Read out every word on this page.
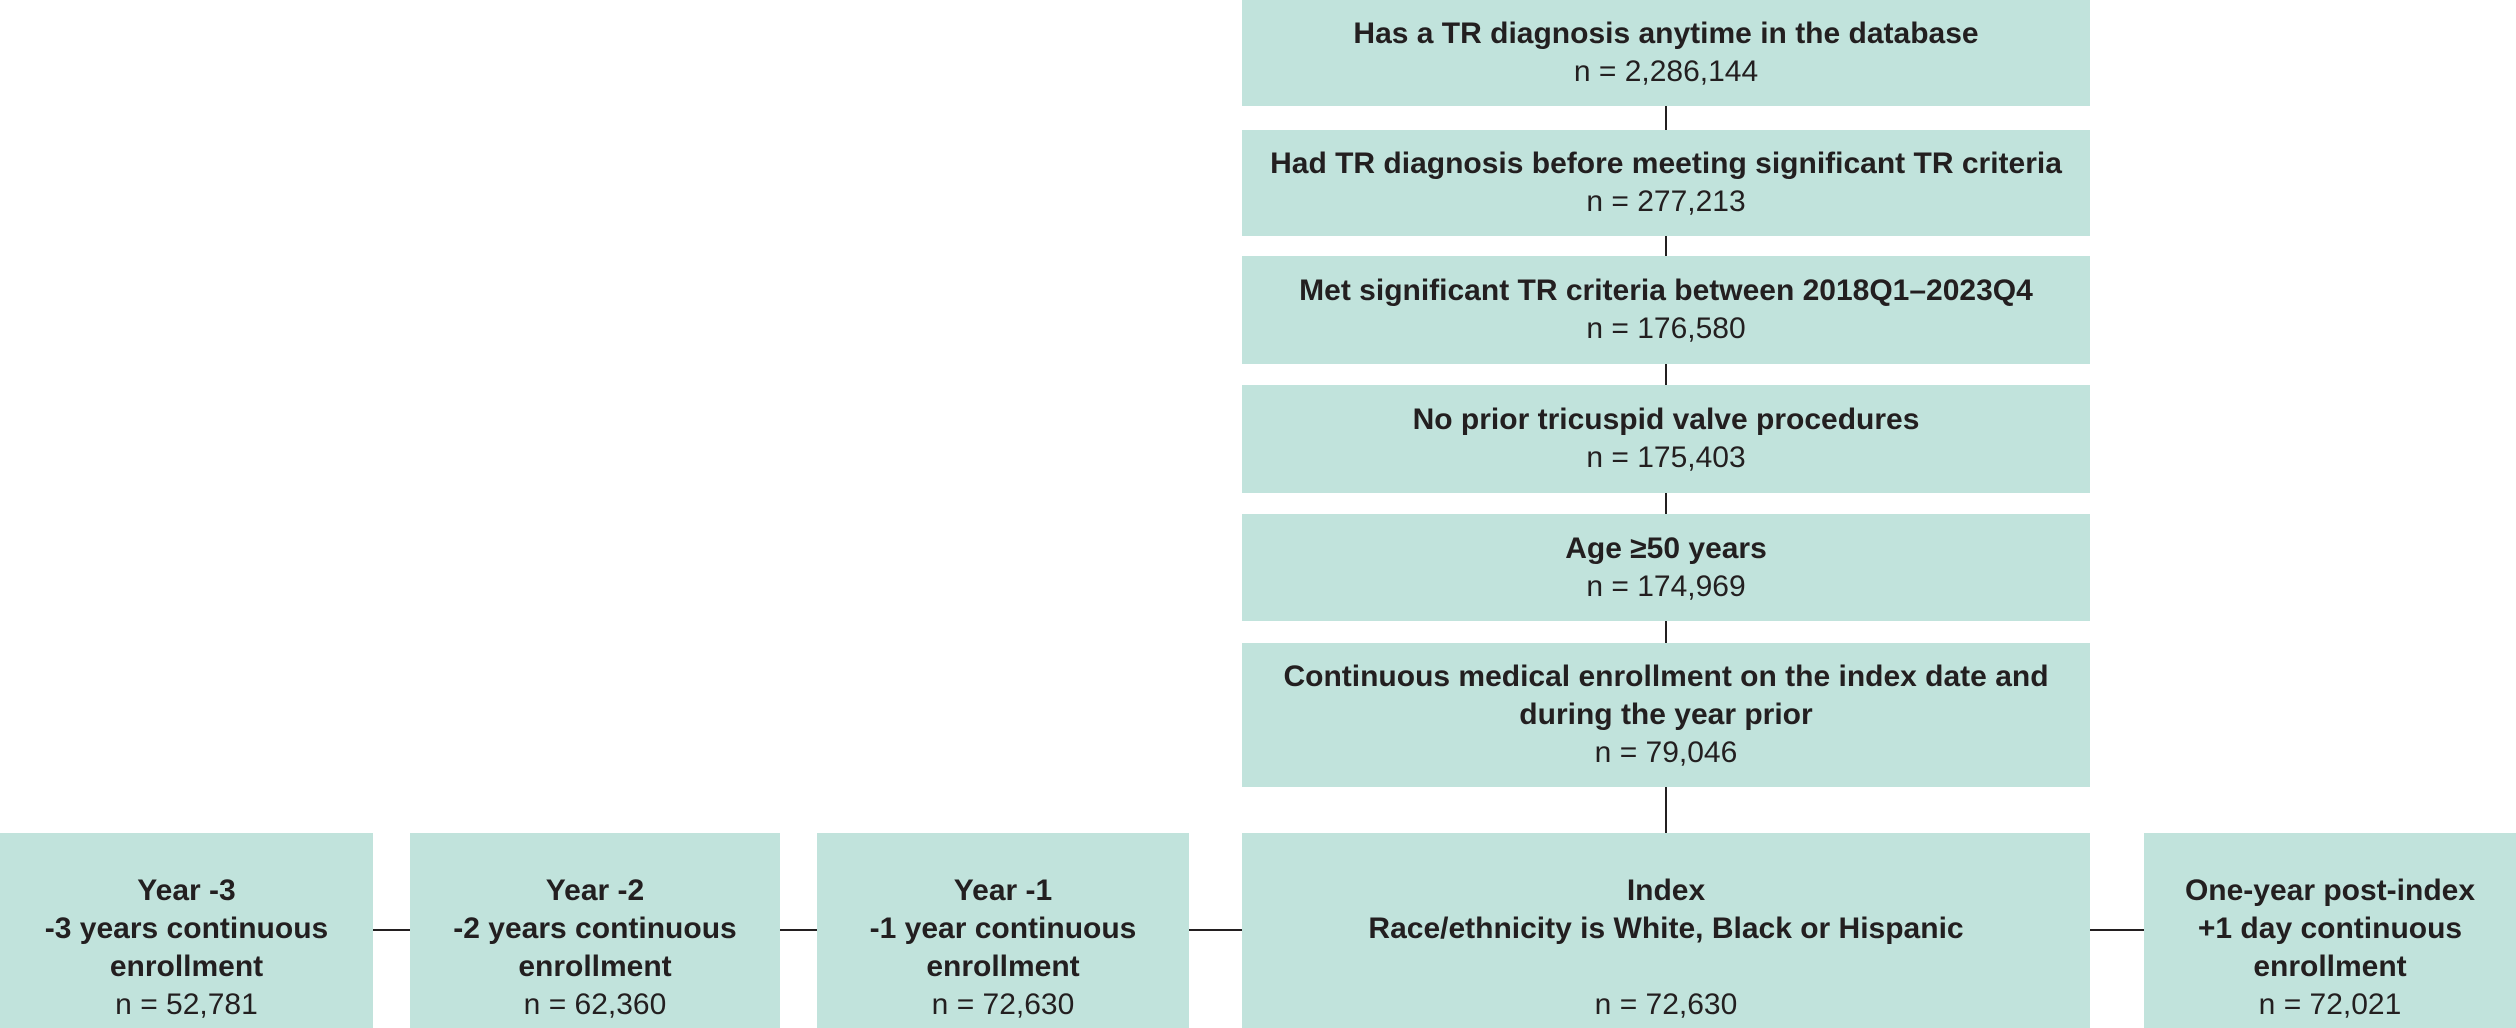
Has a TR diagnosis anytime in the database
n = 2,286,144
Had TR diagnosis before meeting significant TR criteria
n = 277,213
Met significant TR criteria between 2018Q1–2023Q4
n = 176,580
No prior tricuspid valve procedures
n = 175,403
Age ≥50 years
n = 174,969
Continuous medical enrollment on the index date and
during the year prior
n = 79,046
Year -3
-3 years continuous
enrollment
n = 52,781
Year -2
-2 years continuous
enrollment
n = 62,360
Year -1
-1 year continuous
enrollment
n = 72,630
Index
Race/ethnicity is White, Black or Hispanic
n = 72,630
One-year post-index
+1 day continuous
enrollment
n = 72,021
